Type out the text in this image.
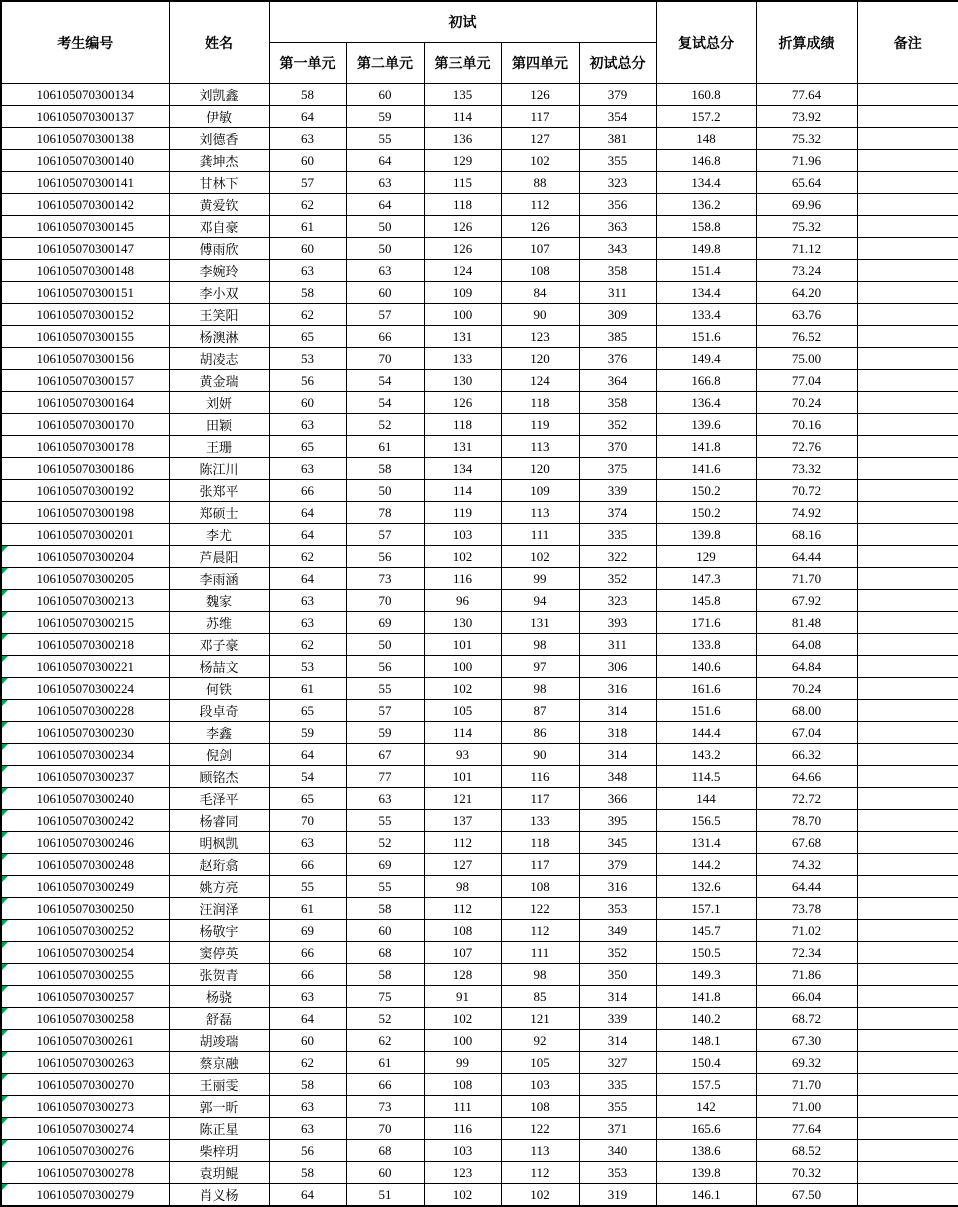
考生编号	姓名	初试					复试总分	折算成绩	备注
		第一单元	第二单元	第三单元	第四单元	初试总分			
106105070300134	刘凯鑫	58	60	135	126	379	160.8	77.64	
106105070300137	伊敏	64	59	114	117	354	157.2	73.92	
106105070300138	刘德香	63	55	136	127	381	148	75.32	
106105070300140	龚坤杰	60	64	129	102	355	146.8	71.96	
106105070300141	甘林下	57	63	115	88	323	134.4	65.64	
106105070300142	黄爱钦	62	64	118	112	356	136.2	69.96	
106105070300145	邓自豪	61	50	126	126	363	158.8	75.32	
106105070300147	傅雨欣	60	50	126	107	343	149.8	71.12	
106105070300148	李婉玲	63	63	124	108	358	151.4	73.24	
106105070300151	李小双	58	60	109	84	311	134.4	64.20	
106105070300152	王笑阳	62	57	100	90	309	133.4	63.76	
106105070300155	杨澳淋	65	66	131	123	385	151.6	76.52	
106105070300156	胡凌志	53	70	133	120	376	149.4	75.00	
106105070300157	黄金瑞	56	54	130	124	364	166.8	77.04	
106105070300164	刘妍	60	54	126	118	358	136.4	70.24	
106105070300170	田颖	63	52	118	119	352	139.6	70.16	
106105070300178	王珊	65	61	131	113	370	141.8	72.76	
106105070300186	陈江川	63	58	134	120	375	141.6	73.32	
106105070300192	张郑平	66	50	114	109	339	150.2	70.72	
106105070300198	郑硕士	64	78	119	113	374	150.2	74.92	
106105070300201	李尤	64	57	103	111	335	139.8	68.16	

106105070300204	芦晨阳	62	56	102	102	322	129	64.44	

106105070300205	李雨涵	64	73	116	99	352	147.3	71.70	

106105070300213	魏家	63	70	96	94	323	145.8	67.92	

106105070300215	苏维	63	69	130	131	393	171.6	81.48	

106105070300218	邓子豪	62	50	101	98	311	133.8	64.08	

106105070300221	杨喆文	53	56	100	97	306	140.6	64.84	

106105070300224	何铁	61	55	102	98	316	161.6	70.24	

106105070300228	段卓奇	65	57	105	87	314	151.6	68.00	

106105070300230	李鑫	59	59	114	86	318	144.4	67.04	

106105070300234	倪剑	64	67	93	90	314	143.2	66.32	

106105070300237	顾铭杰	54	77	101	116	348	114.5	64.66	

106105070300240	毛泽平	65	63	121	117	366	144	72.72	

106105070300242	杨睿同	70	55	137	133	395	156.5	78.70	

106105070300246	明枫凯	63	52	112	118	345	131.4	67.68	

106105070300248	赵珩翕	66	69	127	117	379	144.2	74.32	

106105070300249	姚方亮	55	55	98	108	316	132.6	64.44	

106105070300250	汪润泽	61	58	112	122	353	157.1	73.78	

106105070300252	杨敬宇	69	60	108	112	349	145.7	71.02	

106105070300254	窦停英	66	68	107	111	352	150.5	72.34	

106105070300255	张贺青	66	58	128	98	350	149.3	71.86	

106105070300257	杨骁	63	75	91	85	314	141.8	66.04	

106105070300258	舒磊	64	52	102	121	339	140.2	68.72	

106105070300261	胡竣瑞	60	62	100	92	314	148.1	67.30	

106105070300263	蔡京融	62	61	99	105	327	150.4	69.32	

106105070300270	王丽雯	58	66	108	103	335	157.5	71.70	

106105070300273	郭一昕	63	73	111	108	355	142	71.00	

106105070300274	陈正星	63	70	116	122	371	165.6	77.64	

106105070300276	柴梓玥	56	68	103	113	340	138.6	68.52	

106105070300278	袁玥鲲	58	60	123	112	353	139.8	70.32	

106105070300279	肖义杨	64	51	102	102	319	146.1	67.50	
